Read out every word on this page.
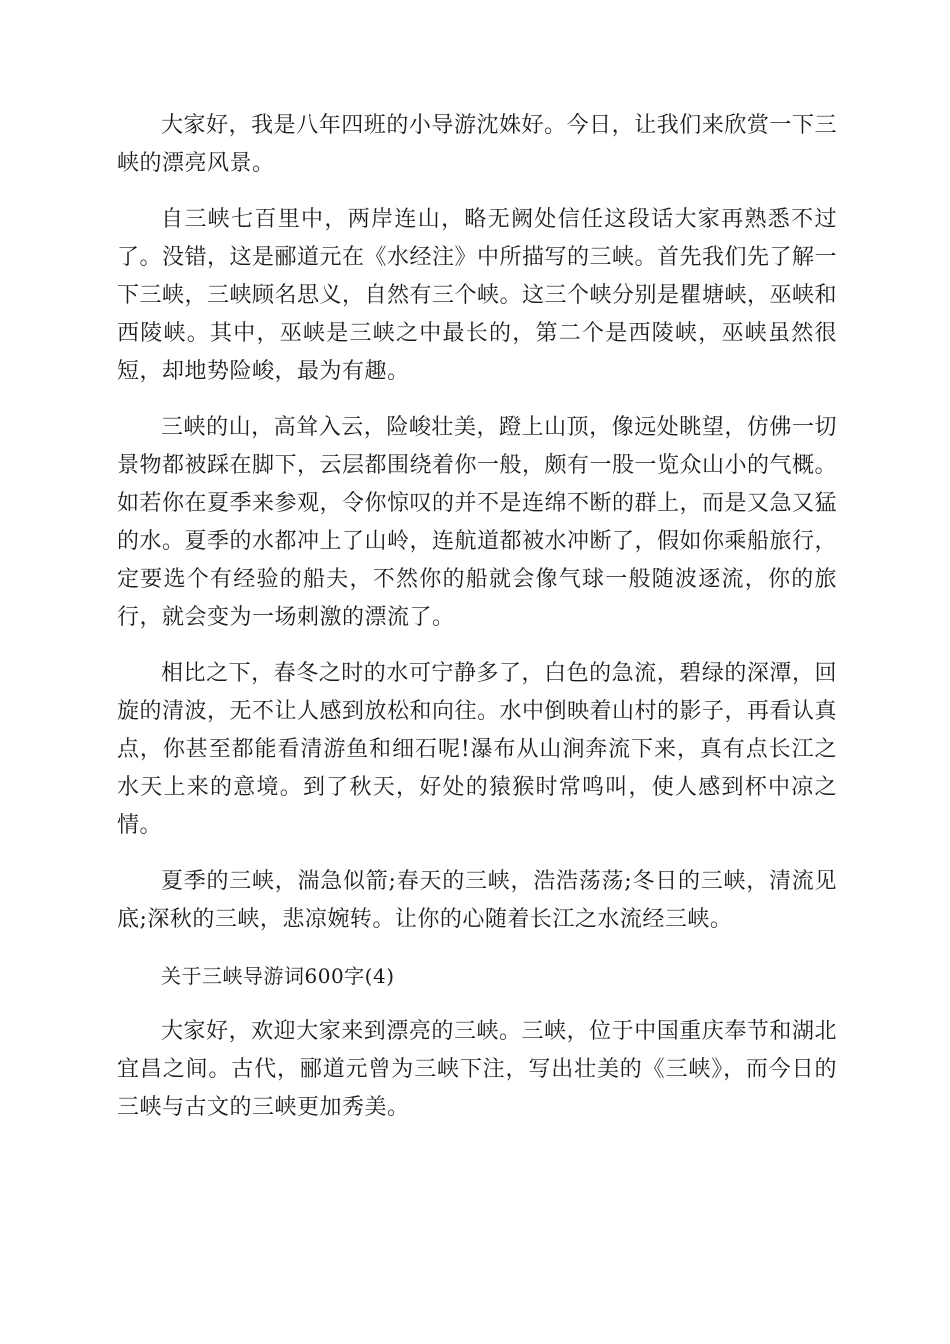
大家好，我是八年四班的小导游沈姝好。今日，让我们来欣赏一下三峡的漂亮风景。

自三峡七百里中，两岸连山，略无阙处信任这段话大家再熟悉不过了。没错，这是郦道元在《水经注》中所描写的三峡。首先我们先了解一下三峡，三峡顾名思义，自然有三个峡。这三个峡分别是瞿塘峡，巫峡和西陵峡。其中，巫峡是三峡之中最长的，第二个是西陵峡，巫峡虽然很短，却地势险峻，最为有趣。

三峡的山，高耸入云，险峻壮美，蹬上山顶，像远处眺望，仿佛一切景物都被踩在脚下，云层都围绕着你一般，颇有一股一览众山小的气概。如若你在夏季来参观，令你惊叹的并不是连绵不断的群上，而是又急又猛的水。夏季的水都冲上了山岭，连航道都被水冲断了，假如你乘船旅行，定要选个有经验的船夫，不然你的船就会像气球一般随波逐流，你的旅行，就会变为一场刺激的漂流了。

相比之下，春冬之时的水可宁静多了，白色的急流，碧绿的深潭，回旋的清波，无不让人感到放松和向往。水中倒映着山村的影子，再看认真点，你甚至都能看清游鱼和细石呢!瀑布从山涧奔流下来，真有点长江之水天上来的意境。到了秋天，好处的猿猴时常鸣叫，使人感到杯中凉之情。

夏季的三峡，湍急似箭;春天的三峡，浩浩荡荡;冬日的三峡，清流见底;深秋的三峡，悲凉婉转。让你的心随着长江之水流经三峡。

关于三峡导游词600字(4)

大家好，欢迎大家来到漂亮的三峡。三峡，位于中国重庆奉节和湖北宜昌之间。古代，郦道元曾为三峡下注，写出壮美的《三峡》，而今日的三峡与古文的三峡更加秀美。
